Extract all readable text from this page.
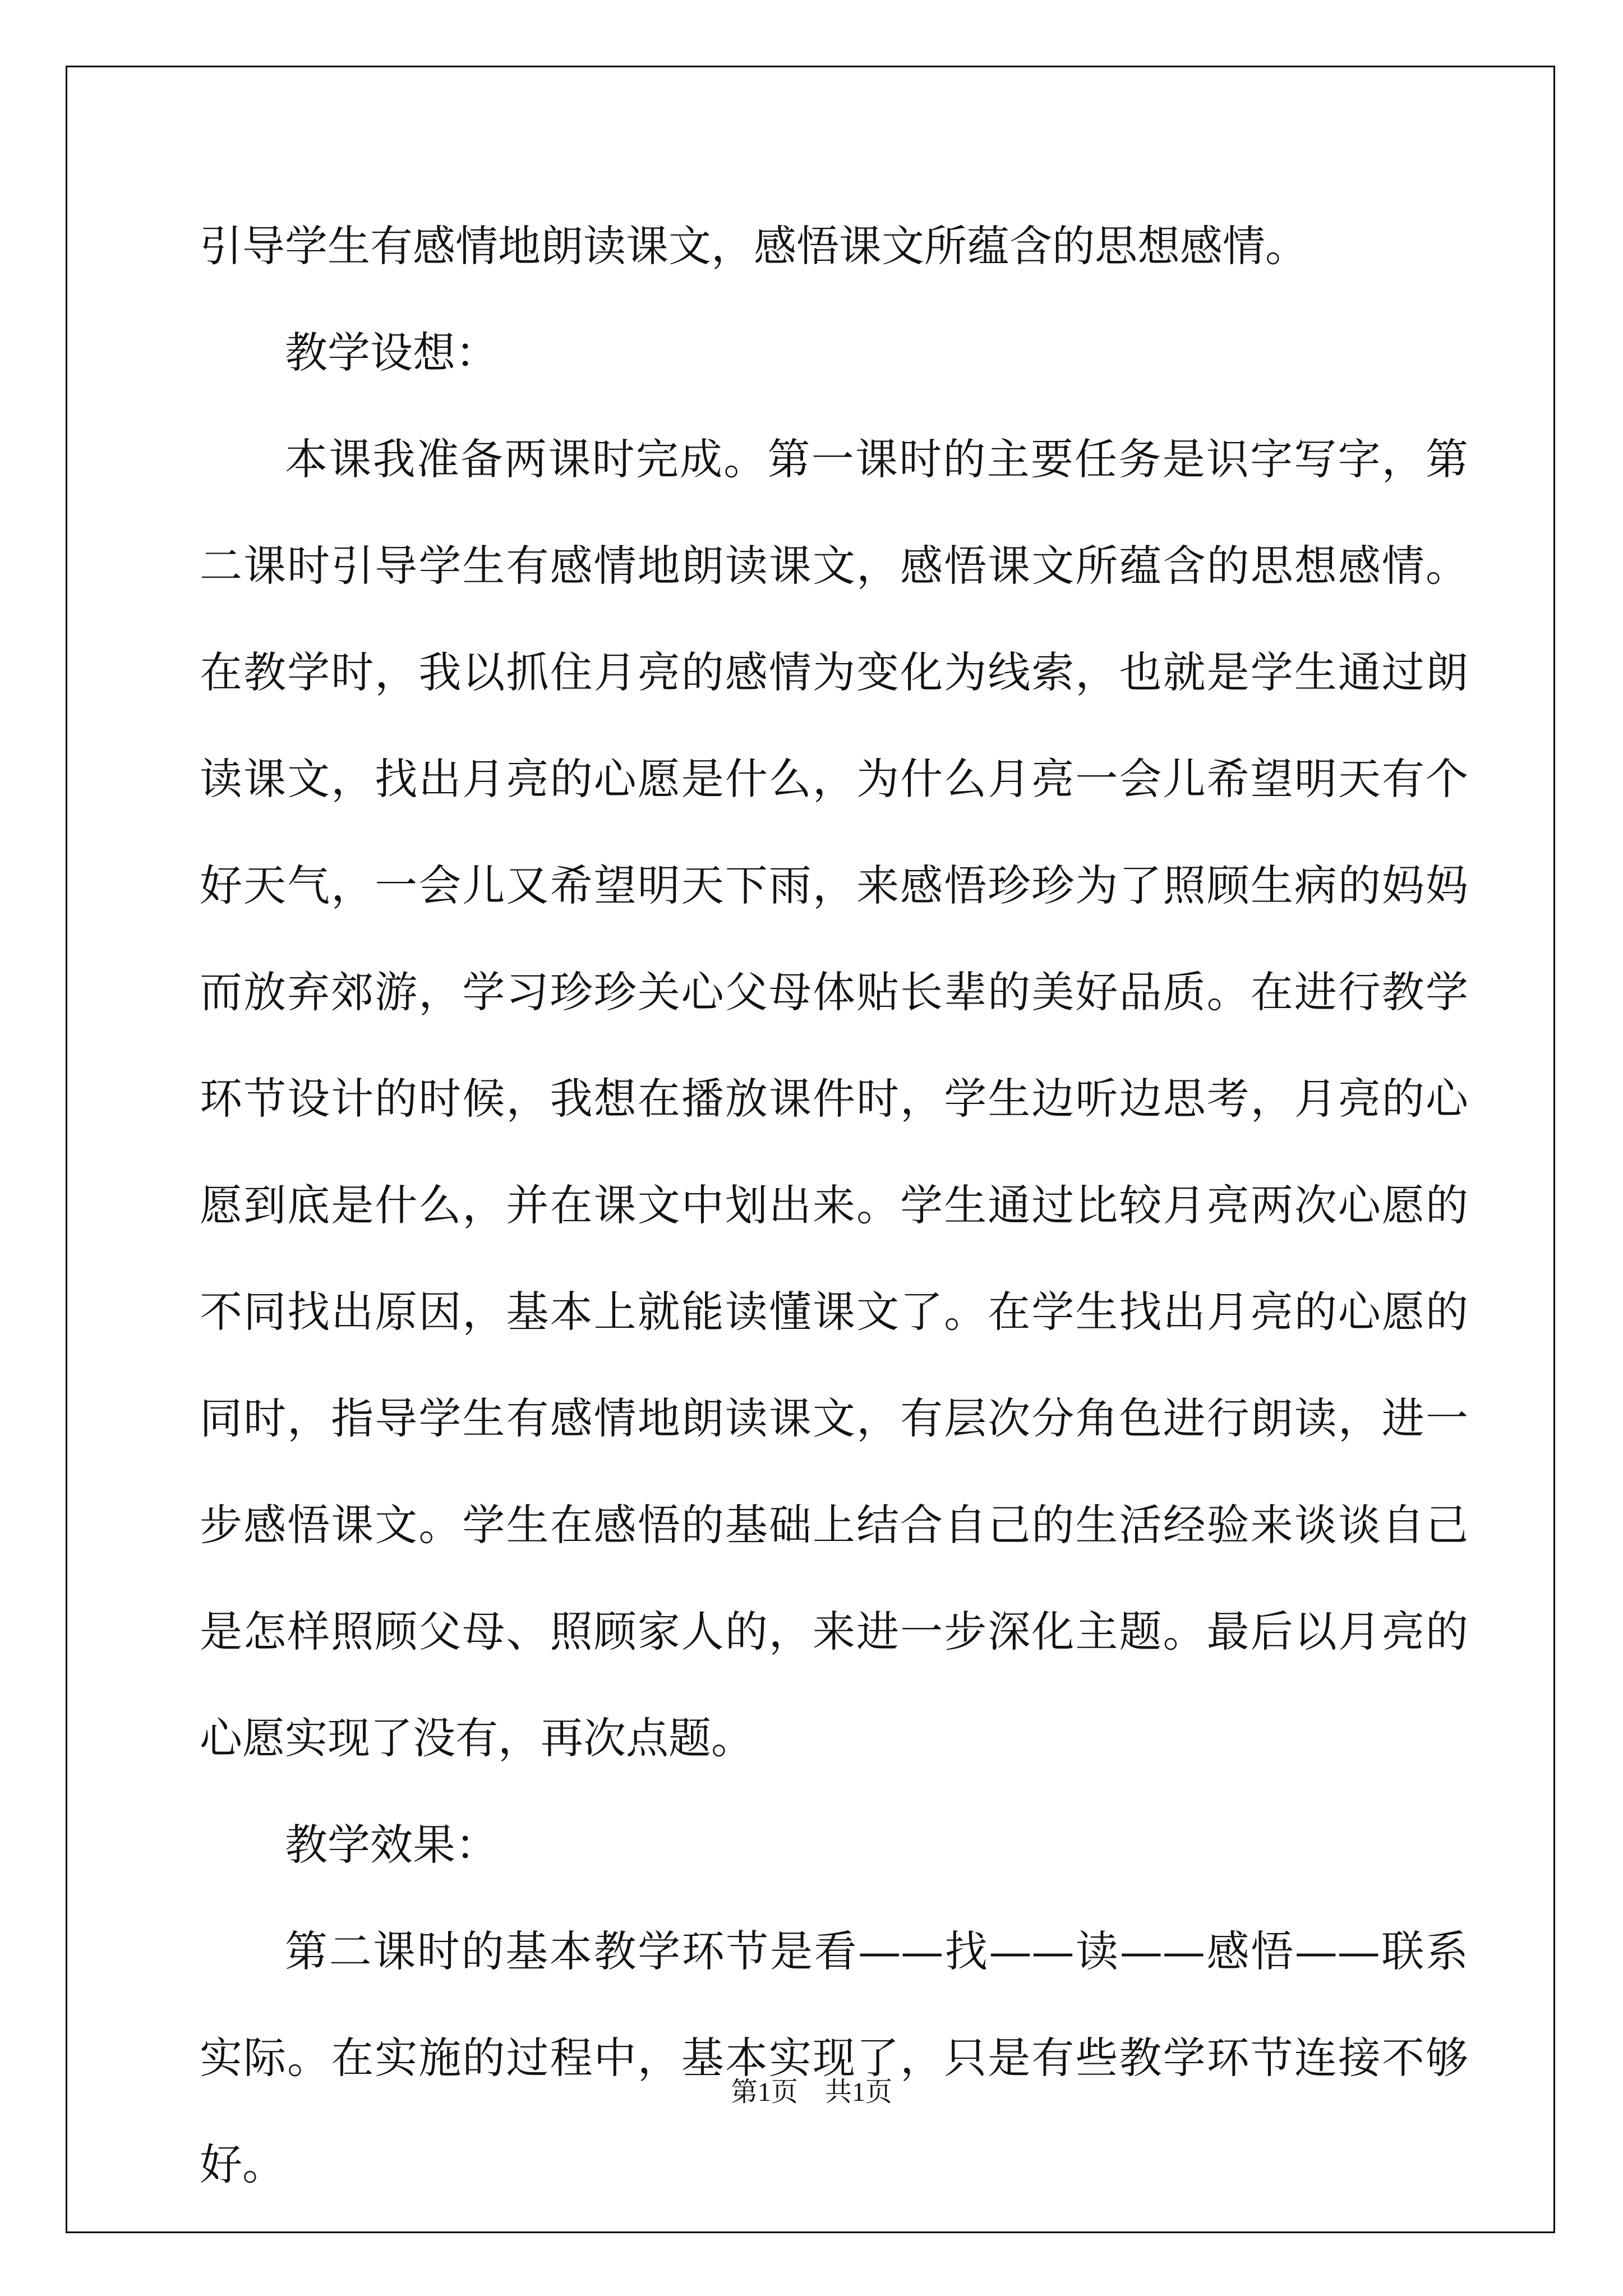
引导学生有感情地朗读课文，感悟课文所蕴含的思想感情。

教学设想：

本课我准备两课时完成。第一课时的主要任务是识字写字，第二课时引导学生有感情地朗读课文，感悟课文所蕴含的思想感情。在教学时，我以抓住月亮的感情为变化为线索，也就是学生通过朗读课文，找出月亮的心愿是什么，为什么月亮一会儿希望明天有个好天气，一会儿又希望明天下雨，来感悟珍珍为了照顾生病的妈妈而放弃郊游，学习珍珍关心父母体贴长辈的美好品质。在进行教学环节设计的时候，我想在播放课件时，学生边听边思考，月亮的心愿到底是什么，并在课文中划出来。学生通过比较月亮两次心愿的不同找出原因，基本上就能读懂课文了。在学生找出月亮的心愿的同时，指导学生有感情地朗读课文，有层次分角色进行朗读，进一步感悟课文。学生在感悟的基础上结合自己的生活经验来谈谈自己是怎样照顾父母、照顾家人的，来进一步深化主题。最后以月亮的心愿实现了没有，再次点题。

教学效果：

第二课时的基本教学环节是看——找——读——感悟——联系实际。在实施的过程中，基本实现了，只是有些教学环节连接不够好。

第1页 共1页
